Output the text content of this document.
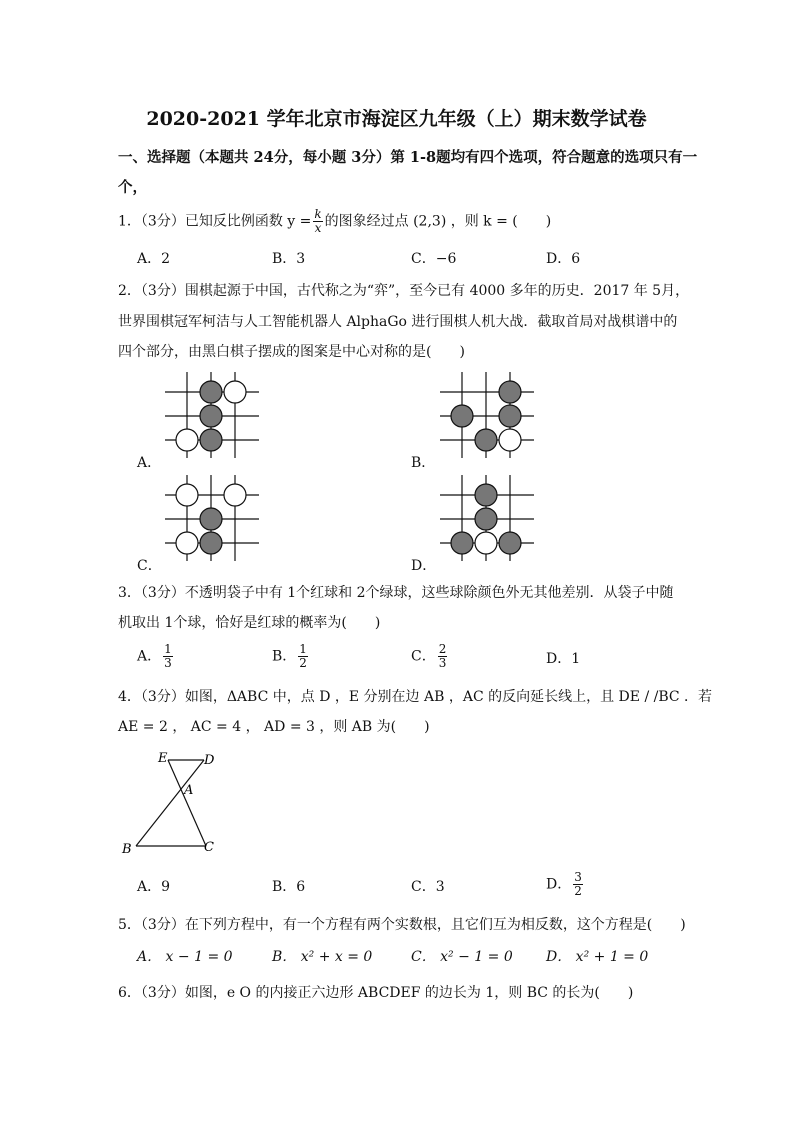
2020-2021 学年北京市海淀区九年级（上）期末数学试卷
一、选择题（本题共 24分，每小题 3分）第 1-8题均有四个选项，符合题意的选项只有一
个，
1．（3分）已知反比例函数 $y = \frac{k}{x}$ 的图象经过点 (2,3) ，则 k = (　　)
A．2	B．3	C．−6	D．6
2．（3分）围棋起源于中国，古代称之为“弈”，至今已有 4000 多年的历史．2017 年 5月，
世界围棋冠军柯洁与人工智能机器人 AlphaGo 进行围棋人机大战．截取首局对战棋谱中的
四个部分，由黑白棋子摆成的图案是中心对称的是(　　)
A．	B．
C．	D．
3．（3分）不透明袋子中有 1个红球和 2个绿球，这些球除颜色外无其他差别．从袋子中随
机取出 1个球，恰好是红球的概率为(　　)
A． $\frac{1}{3}$	B． $\frac{1}{2}$	C． $\frac{2}{3}$	D．1
4．（3分）如图，ΔABC 中，点 D ，E 分别在边 AB ，AC 的反向延长线上，且 DE / /BC ．若
AE = 2 ， AC = 4 ， AD = 3 ，则 AB 为(　　)
E	D
A
B	C
A．9	B．6	C．3	D． $\frac{3}{2}$
5．（3分）在下列方程中，有一个方程有两个实数根，且它们互为相反数，这个方程是(　　)
A． x − 1 = 0	B． x² + x = 0	C． x² − 1 = 0 D． x² + 1 = 0
6．（3分）如图，e O 的内接正六边形 ABCDEF 的边长为 1，则 BC 的长为(　　)
